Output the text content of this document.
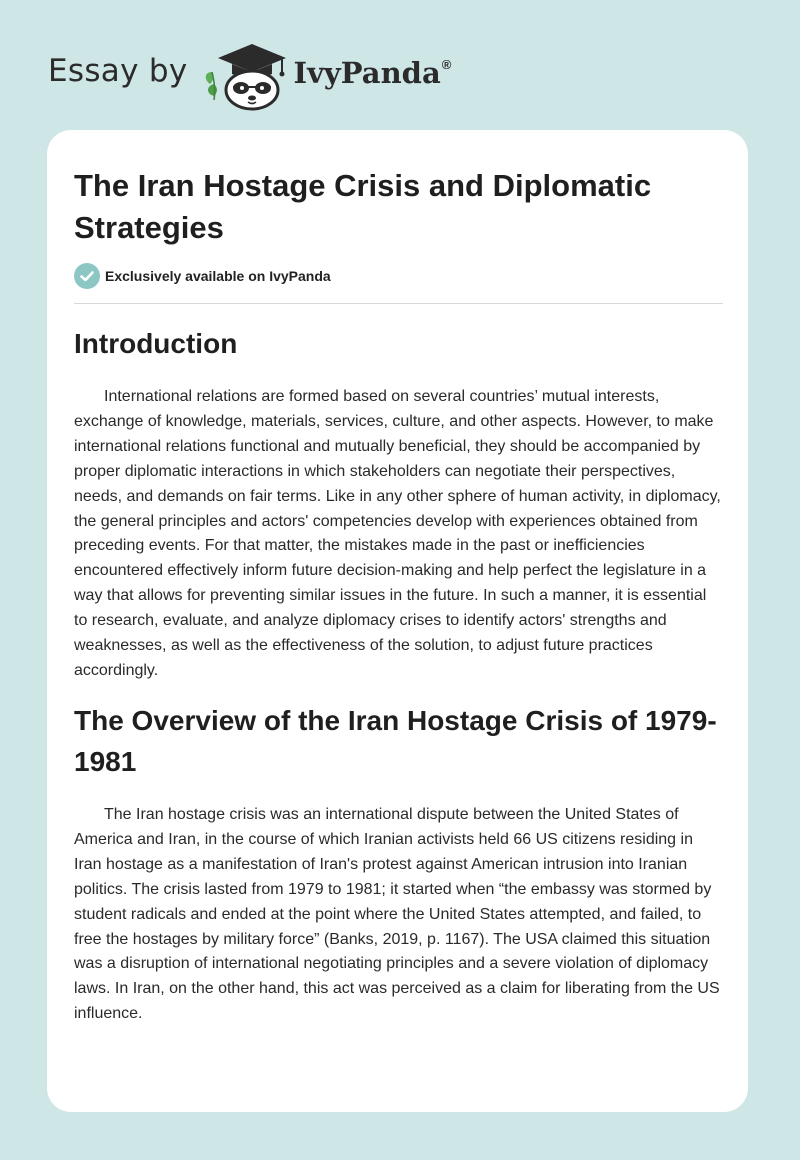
Essay by	IvyPanda®
The Iran Hostage Crisis and Diplomatic Strategies
Exclusively available on IvyPanda
Introduction

International relations are formed based on several countries’ mutual interests, exchange of knowledge, materials, services, culture, and other aspects. However, to make international relations functional and mutually beneficial, they should be accompanied by proper diplomatic interactions in which stakeholders can negotiate their perspectives, needs, and demands on fair terms. Like in any other sphere of human activity, in diplomacy, the general principles and actors' competencies develop with experiences obtained from preceding events. For that matter, the mistakes made in the past or inefficiencies encountered effectively inform future decision-making and help perfect the legislature in a way that allows for preventing similar issues in the future. In such a manner, it is essential to research, evaluate, and analyze diplomacy crises to identify actors' strengths and weaknesses, as well as the effectiveness of the solution, to adjust future practices accordingly.

The Overview of the Iran Hostage Crisis of 1979-1981

The Iran hostage crisis was an international dispute between the United States of America and Iran, in the course of which Iranian activists held 66 US citizens residing in Iran hostage as a manifestation of Iran's protest against American intrusion into Iranian politics. The crisis lasted from 1979 to 1981; it started when “the embassy was stormed by student radicals and ended at the point where the United States attempted, and failed, to free the hostages by military force” (Banks, 2019, p. 1167). The USA claimed this situation was a disruption of international negotiating principles and a severe violation of diplomacy laws. In Iran, on the other hand, this act was perceived as a claim for liberating from the US influence.
